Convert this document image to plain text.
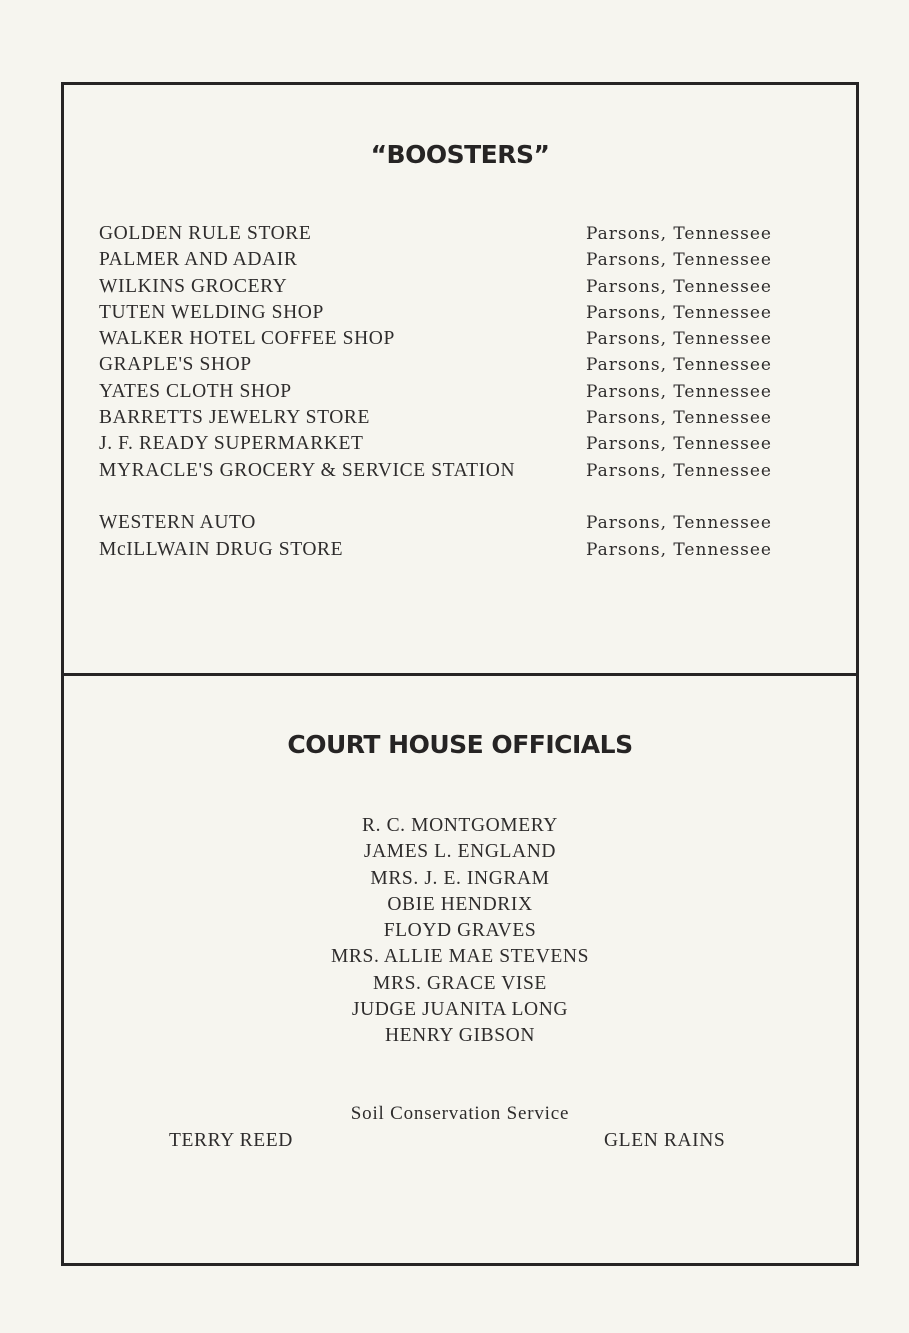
“BOOSTERS”
GOLDEN RULE STORE	Parsons, Tennessee
PALMER AND ADAIR	Parsons, Tennessee
WILKINS GROCERY	Parsons, Tennessee
TUTEN WELDING SHOP	Parsons, Tennessee
WALKER HOTEL COFFEE SHOP	Parsons, Tennessee
GRAPLE'S SHOP	Parsons, Tennessee
YATES CLOTH SHOP	Parsons, Tennessee
BARRETTS JEWELRY STORE	Parsons, Tennessee
J. F. READY SUPERMARKET	Parsons, Tennessee
MYRACLE'S GROCERY & SERVICE STATION	Parsons, Tennessee
WESTERN AUTO	Parsons, Tennessee
McILLWAIN DRUG STORE	Parsons, Tennessee
COURT HOUSE OFFICIALS
R. C. MONTGOMERY
JAMES L. ENGLAND
MRS. J. E. INGRAM
OBIE HENDRIX
FLOYD GRAVES
MRS. ALLIE MAE STEVENS
MRS. GRACE VISE
JUDGE JUANITA LONG
HENRY GIBSON
Soil Conservation Service
TERRY REED	GLEN RAINS
